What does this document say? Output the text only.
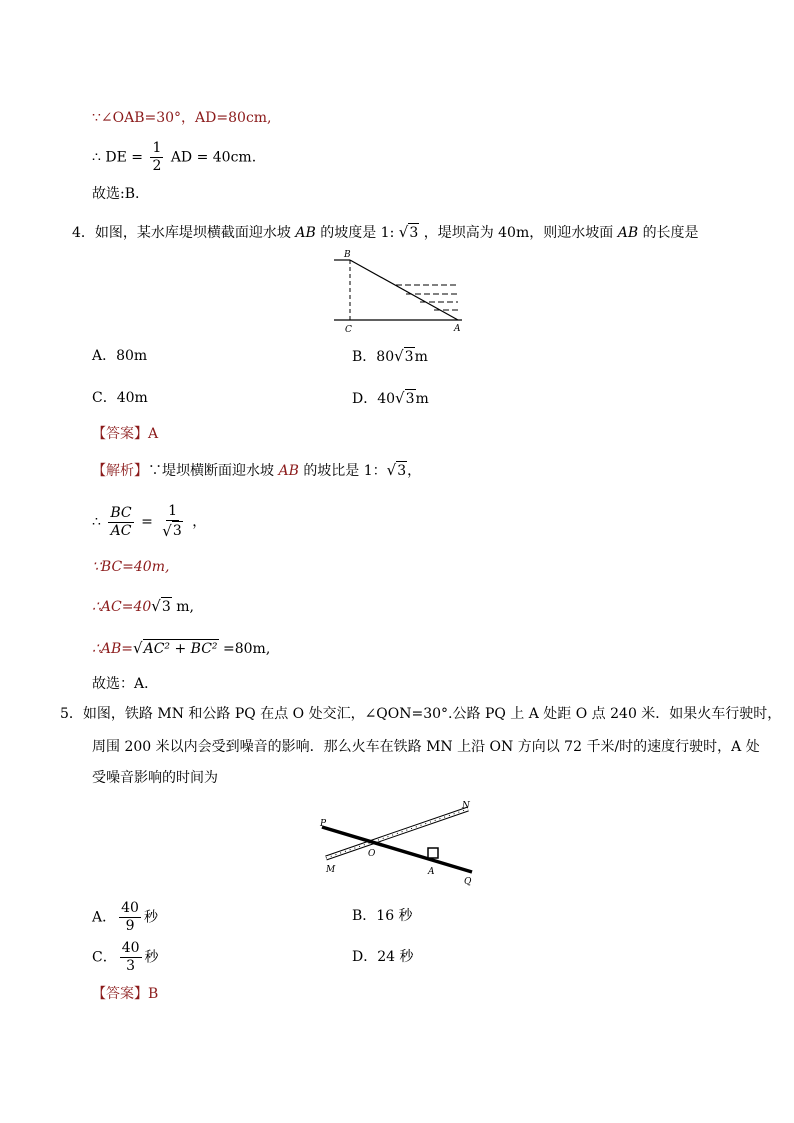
∵∠OAB=30°，AD=80cm,
∴ DE = $\frac{1}{2}$ AD = 40cm.
故选:B.
4．如图，某水库堤坝横截面迎水坡 AB 的坡度是 1: √ 3 ，堤坝高为 40m，则迎水坡面 AB 的长度是
B
C	A
A．80m	B．80 √ 3 m
C．40m	D．40 √ 3 m
【答案】A
【解析】∵堤坝横断面迎水坡 AB 的坡比是 1： √ 3 ，
∴ $\frac{BC}{AC} = \frac{1}{√ 3}$ ，
∵BC=40m,
∴AC=40 √ 3 m,
∴AB= √ AC² + BC² =80m,
故选：A．
5．如图，铁路 MN 和公路 PQ 在点 O 处交汇，∠QON=30°.公路 PQ 上 A 处距 O 点 240 米．如果火车行驶时，
周围 200 米以内会受到噪音的影响．那么火车在铁路 MN 上沿 ON 方向以 72 千米/时的速度行驶时，A 处
受噪音影响的时间为
P
N
O
M	A
Q
A． $\frac{40}{9}$ 秒	B．16 秒
C． $\frac{40}{3}$ 秒	D．24 秒
【答案】B
